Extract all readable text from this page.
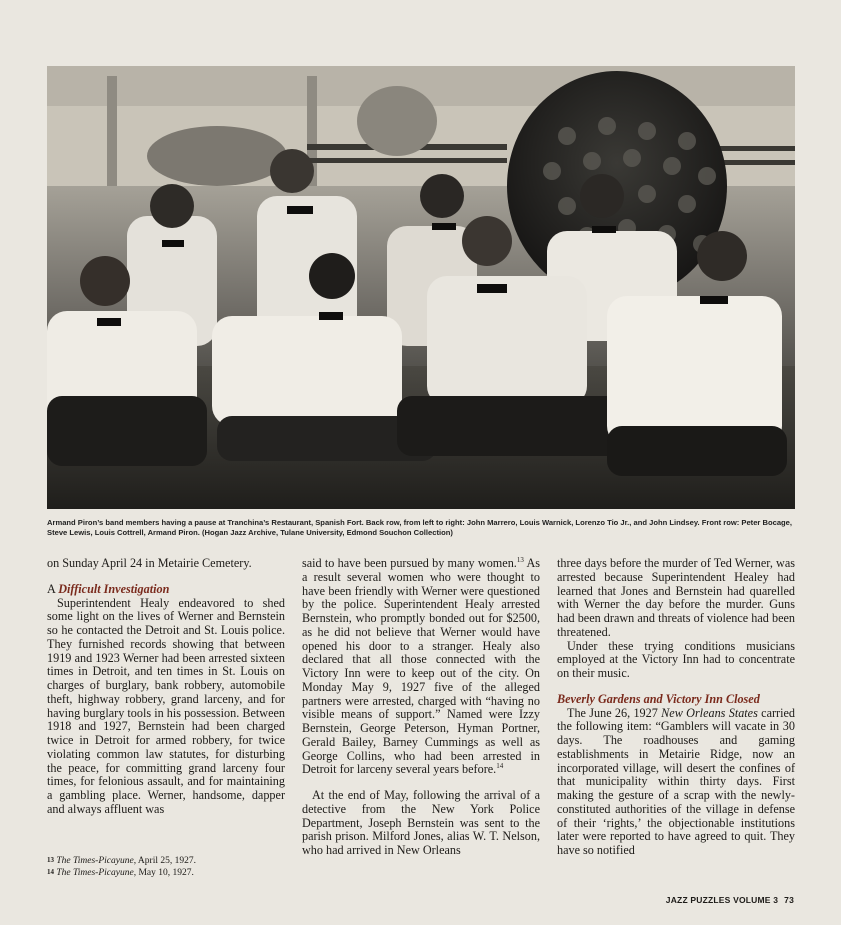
Armand Piron’s band members having a pause at Tranchina’s Restaurant, Spanish Fort. Back row, from left to right: John Marrero, Louis Warnick, Lorenzo Tio Jr., and John Lindsey. Front row: Peter Bocage, Steve Lewis, Louis Cottrell, Armand Piron. (Hogan Jazz Archive, Tulane University, Edmond Souchon Collection)

on Sunday April 24 in Metairie Cemetery.

A Difficult Investigation

Superintendent Healy endeavored to shed some light on the lives of Werner and Bernstein so he contacted the Detroit and St. Louis police. They furnished records showing that between 1919 and 1923 Werner had been arrested sixteen times in Detroit, and ten times in St. Louis on charges of burglary, bank robbery, automobile theft, highway robbery, grand larceny, and for having burglary tools in his possession. Between 1918 and 1927, Bernstein had been charged twice in Detroit for armed robbery, for twice violating common law statutes, for disturbing the peace, for committing grand larceny four times, for felonious assault, and for maintaining a gambling place. Werner, handsome, dapper and always affluent was

said to have been pursued by many women.$^{13}$ As a result several women who were thought to have been friendly with Werner were questioned by the police. Superintendent Healy arrested Bernstein, who promptly bonded out for $2500, as he did not believe that Werner would have opened his door to a stranger. Healy also declared that all those connected with the Victory Inn were to keep out of the city. On Monday May 9, 1927 five of the alleged partners were arrested, charged with “having no visible means of support.” Named were Izzy Bernstein, George Peterson, Hyman Portner, Gerald Bailey, Barney Cummings as well as George Collins, who had been arrested in Detroit for larceny several years before.$^{14}$

At the end of May, following the arrival of a detective from the New York Police Department, Joseph Bernstein was sent to the parish prison. Milford Jones, alias W. T. Nelson, who had arrived in New Orleans

three days before the murder of Ted Werner, was arrested because Superintendent Healey had learned that Jones and Bernstein had quarelled with Werner the day before the murder. Guns had been drawn and threats of violence had been threatened.

Under these trying conditions musicians employed at the Victory Inn had to concentrate on their music.

Beverly Gardens and Victory Inn Closed

The June 26, 1927 New Orleans States carried the following item: “Gamblers will vacate in 30 days. The roadhouses and gaming establishments in Metairie Ridge, now an incorporated village, will desert the confines of that municipality within thirty days. First making the gesture of a scrap with the newly-constituted authorities of the village in defense of their ‘rights,’ the objectionable institutions later were reported to have agreed to quit. They have so notified

13 The Times-Picayune, April 25, 1927.
14 The Times-Picayune, May 10, 1927.
JAZZ PUZZLES VOLUME 3 73
